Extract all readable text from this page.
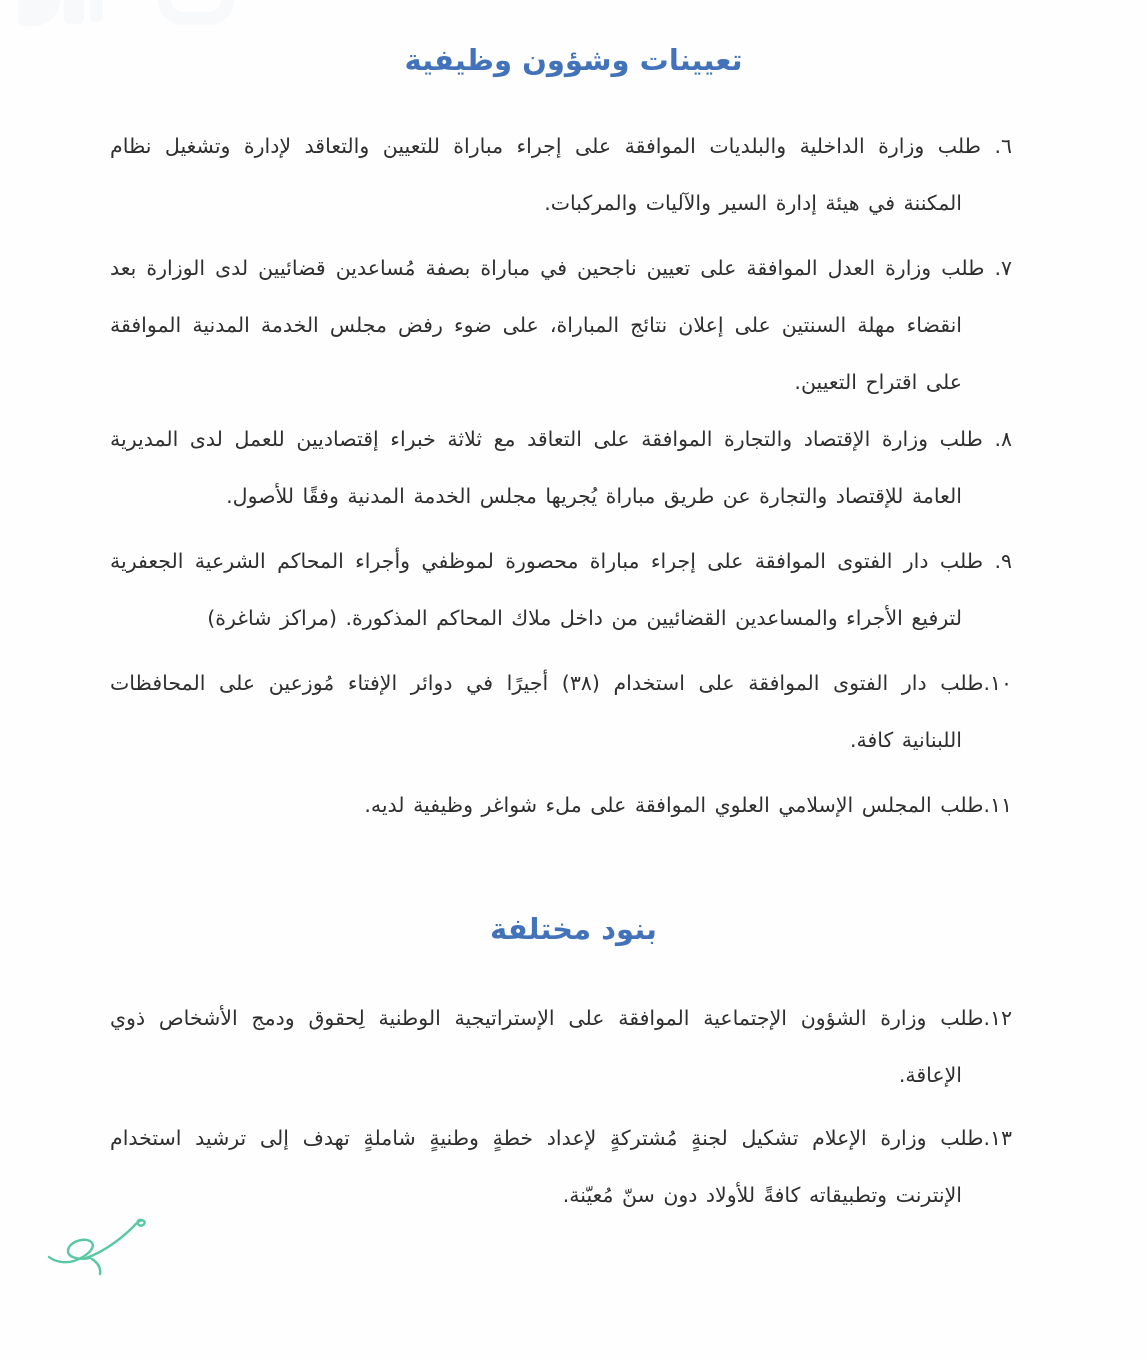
تعيينات وشؤون وظيفية

٦. طلب وزارة الداخلية والبلديات الموافقة على إجراء مباراة للتعيين والتعاقد لإدارة وتشغيل نظام المكننة في هيئة إدارة السير والآليات والمركبات.

٧. طلب وزارة العدل الموافقة على تعيين ناجحين في مباراة بصفة مُساعدين قضائيين لدى الوزارة بعد انقضاء مهلة السنتين على إعلان نتائج المباراة، على ضوء رفض مجلس الخدمة المدنية الموافقة على اقتراح التعيين.

٨. طلب وزارة الإقتصاد والتجارة الموافقة على التعاقد مع ثلاثة خبراء إقتصاديين للعمل لدى المديرية العامة للإقتصاد والتجارة عن طريق مباراة يُجريها مجلس الخدمة المدنية وفقًا للأصول.

٩. طلب دار الفتوى الموافقة على إجراء مباراة محصورة لموظفي وأجراء المحاكم الشرعية الجعفرية لترفيع الأجراء والمساعدين القضائيين من داخل ملاك المحاكم المذكورة. (مراكز شاغرة)

١٠.طلب دار الفتوى الموافقة على استخدام (٣٨) أجيرًا في دوائر الإفتاء مُوزعين على المحافظات اللبنانية كافة.

١١.طلب المجلس الإسلامي العلوي الموافقة على ملء شواغر وظيفية لديه.

بنود مختلفة

١٢.طلب وزارة الشؤون الإجتماعية الموافقة على الإستراتيجية الوطنية لِحقوق ودمج الأشخاص ذوي الإعاقة.

١٣.طلب وزارة الإعلام تشكيل لجنةٍ مُشتركةٍ لإعداد خطةٍ وطنيةٍ شاملةٍ تهدف إلى ترشيد استخدام الإنترنت وتطبيقاته كافةً للأولاد دون سنّ مُعيّنة.
